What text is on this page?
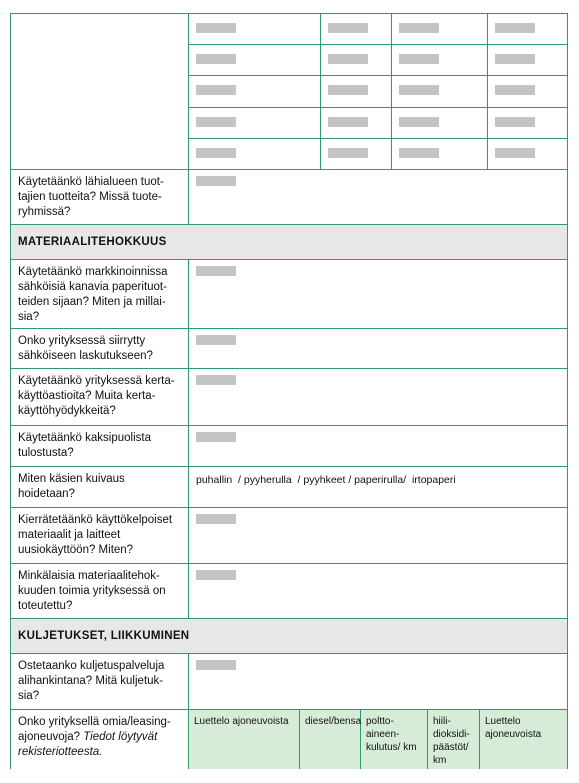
Käytetäänkö lähialueen tuot-tajien tuotteita? Missä tuote-ryhmissä?
MATERIAALITEHOKKUUS
Käytetäänkö markkinoinnissa sähköisiä kanavia paperituot-teiden sijaan? Miten ja millai-sia?
Onko yrityksessä siirrytty sähköiseen laskutukseen?
Käytetäänkö yrityksessä kerta-käyttöastioita? Muita kerta-käyttöhyödykkeitä?
Käytetäänkö kaksipuolista tulostusta?
Miten käsien kuivaus hoidetaan?
puhallin  / pyyherulla  / pyyhkeet / paperirulla/  irtopaperi
Kierrätetäänkö käyttökelpoiset materiaalit ja laitteet uusiokäyttöön? Miten?
Minkälaisia materiaalitehok-kuuden toimia yrityksessä on toteutettu?
KULJETUKSET, LIIKKUMINEN
Ostetaanko kuljetuspalveluja alihankintana? Mitä kuljetuk-sia?
Onko yrityksellä omia/leasing-ajoneuvoja? Tiedot löytyvät rekisteriotteesta.
Luettelo ajoneuvoista	diesel/bensa poltto-aineen-kulutus/ km
hiili-dioksidi-päästöt/ km
Luettelo ajoneuvoista
